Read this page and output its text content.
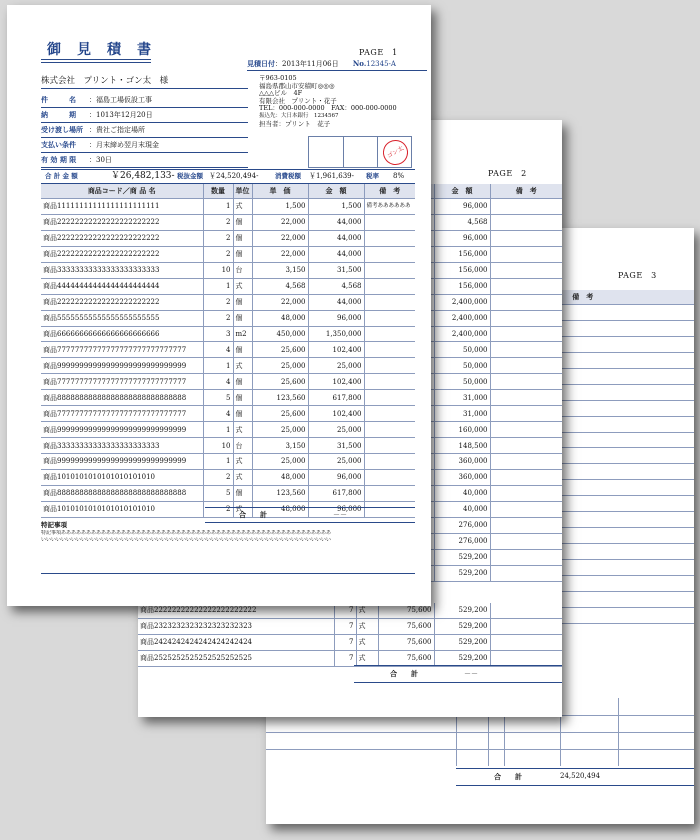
PAGE　3
							備　考

合　　計	24,520,494
PAGE　2
	金　額	備　考
	96,000	
	4,568	
	96,000	
	156,000	
	156,000	
	156,000	
	2,400,000	
	2,400,000	
	2,400,000	
	50,000	
	50,000	
	50,000	
	31,000	
	31,000	
	160,000	
	148,500	
	360,000	
	360,000	
	40,000	
	40,000	
	276,000	
	276,000	
	529,200	
	529,200	
商品22222222222222222222222	7	式	75,600	529,200	
商品2323232323232323232323	7	式	75,600	529,200	
商品2424242424242424242424	7	式	75,600	529,200	
商品2525252525252525252525	7	式	75,600	529,200	
合　　計	－－
御　見　積　書	PAGE　1
見積日付：2013年11月06日 No.12345-A
株式会社　プリント・ゴン太　様
件　　　名 ：福島工場仮設工事
納　　　期 ：1013年12月20日
受け渡し場所 ：貴社ご指定場所
支払い条件 ：月末締め翌月末現金
有 効 期 限 ：30日
〒963-0105
福島県郡山市安積町◎◎◎
△△△ビル　4F
有限会社　プリント・花子
TEL：000-000-0000　FAX：000-000-0000
振込先：大日本銀行　1234567
担当者：プリント　花子
ゴン太
合 計 金 額	￥26,482,133- 税抜金額 ￥24,520,494-	消費税額 ￥1,961,639- 税率 8%
商品コード／商 品 名	数量	単位	単　価	金　額	備　考
商品11111111111111111111111	1	式	1,500	1,500	備考ああああああ
商品22222222222222222222222	2	個	22,000	44,000	
商品22222222222222222222222	2	個	22,000	44,000	
商品22222222222222222222222	2	個	22,000	44,000	
商品33333333333333333333333	10	台	3,150	31,500	
商品44444444444444444444444	1	式	4,568	4,568	
商品22222222222222222222222	2	個	22,000	44,000	
商品55555555555555555555555	2	個	48,000	96,000	
商品66666666666666666666666	3	m2	450,000	1,350,000	
商品77777777777777777777777777777	4	個	25,600	102,400	
商品99999999999999999999999999999	1	式	25,000	25,000	
商品77777777777777777777777777777	4	個	25,600	102,400	
商品88888888888888888888888888888	5	個	123,560	617,800	
商品77777777777777777777777777777	4	個	25,600	102,400	
商品99999999999999999999999999999	1	式	25,000	25,000	
商品33333333333333333333333	10	台	3,150	31,500	
商品99999999999999999999999999999	1	式	25,000	25,000	
商品1010101010101010101010	2	式	48,000	96,000	
商品88888888888888888888888888888	5	個	123,560	617,800	
商品1010101010101010101010	2	式	48,000	96,000	
合　　計	－－
特記事項
特記事項ああああああああああああああああああああああああああああああああああああああああああああああああああああああ
いいいいいいいいいいいいいいいいいいいいいいいいいいいいいいいいいいいいいいいいいいいいいいいいいいいいいいいいいい
